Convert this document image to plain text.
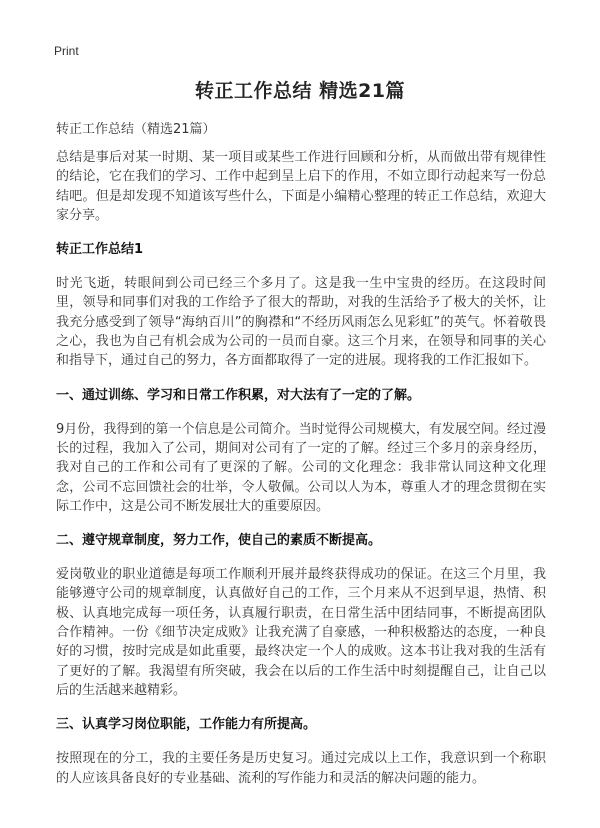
Print
转正工作总结 精选21篇
转正工作总结（精选21篇）

总结是事后对某一时期、某一项目或某些工作进行回顾和分析，从而做出带有规律性的结论，它在我们的学习、工作中起到呈上启下的作用，不如立即行动起来写一份总结吧。但是却发现不知道该写些什么，下面是小编精心整理的转正工作总结，欢迎大家分享。

转正工作总结1

时光飞逝，转眼间到公司已经三个多月了。这是我一生中宝贵的经历。在这段时间里，领导和同事们对我的工作给予了很大的帮助，对我的生活给予了极大的关怀，让我充分感受到了领导“海纳百川”的胸襟和“不经历风雨怎么见彩虹”的英气。怀着敬畏之心，我也为自己有机会成为公司的一员而自豪。这三个月来，在领导和同事的关心和指导下，通过自己的努力，各方面都取得了一定的进展。现将我的工作汇报如下。

一、通过训练、学习和日常工作积累，对大法有了一定的了解。

9月份，我得到的第一个信息是公司简介。当时觉得公司规模大，有发展空间。经过漫长的过程，我加入了公司，期间对公司有了一定的了解。经过三个多月的亲身经历，我对自己的工作和公司有了更深的了解。公司的文化理念：我非常认同这种文化理念，公司不忘回馈社会的壮举，令人敬佩。公司以人为本，尊重人才的理念贯彻在实际工作中，这是公司不断发展壮大的重要原因。

二、遵守规章制度，努力工作，使自己的素质不断提高。

爱岗敬业的职业道德是每项工作顺利开展并最终获得成功的保证。在这三个月里，我能够遵守公司的规章制度，认真做好自己的工作，三个月来从不迟到早退，热情、积极、认真地完成每一项任务，认真履行职责，在日常生活中团结同事，不断提高团队合作精神。一份《细节决定成败》让我充满了自豪感，一种积极豁达的态度，一种良好的习惯，按时完成是如此重要，最终决定一个人的成败。这本书让我对我的生活有了更好的了解。我渴望有所突破，我会在以后的工作生活中时刻提醒自己，让自己以后的生活越来越精彩。

三、认真学习岗位职能，工作能力有所提高。

按照现在的分工，我的主要任务是历史复习。通过完成以上工作，我意识到一个称职的人应该具备良好的专业基础、流利的写作能力和灵活的解决问题的能力。
